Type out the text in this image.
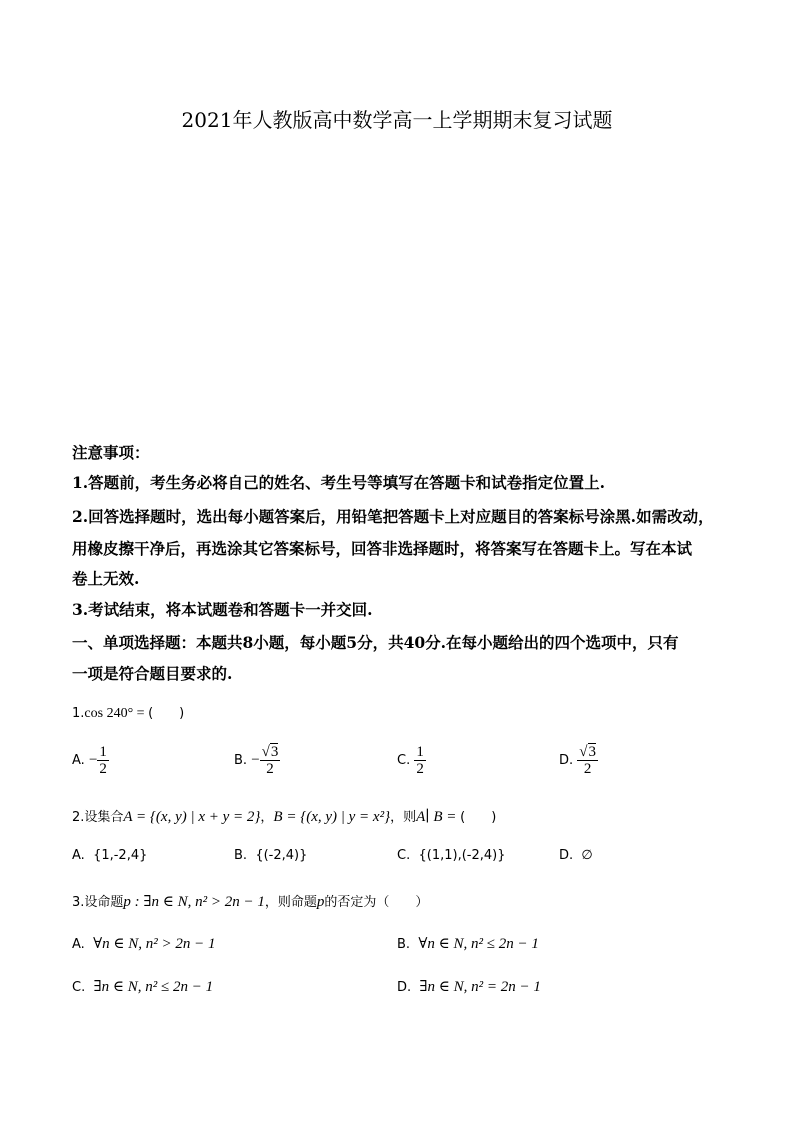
2021年人教版高中数学高一上学期期末复习试题
注意事项：
1.答题前，考生务必将自己的姓名、考生号等填写在答题卡和试卷指定位置上.
2.回答选择题时，选出每小题答案后，用铅笔把答题卡上对应题目的答案标号涂黑.如需改动，
用橡皮擦干净后，再选涂其它答案标号，回答非选择题时，将答案写在答题卡上。写在本试
卷上无效.
3.考试结束，将本试题卷和答题卡一并交回.
一、单项选择题：本题共8小题，每小题5分，共40分.在每小题给出的四个选项中，只有
一项是符合题目要求的.
1.cos 240° = (　　)
A. − $\frac{1}{2}$	B. − $\frac{√3}{2}$	C. $\frac{1}{2}$	D. $\frac{√3}{2}$
2.设集合A = {(x, y) | x + y = 2}，B = {(x, y) | y = x²}，则A∣ B = (　　)
A. {1,-2,4}	B. {(-2,4)}	C. {(1,1),(-2,4)}	D. ∅
3.设命题p : ∃n ∈ N, n² > 2n − 1，则命题p的否定为（　　）
A. ∀n ∈ N, n² > 2n − 1	B. ∀n ∈ N, n² ≤ 2n − 1
C. ∃n ∈ N, n² ≤ 2n − 1	D. ∃n ∈ N, n² = 2n − 1
